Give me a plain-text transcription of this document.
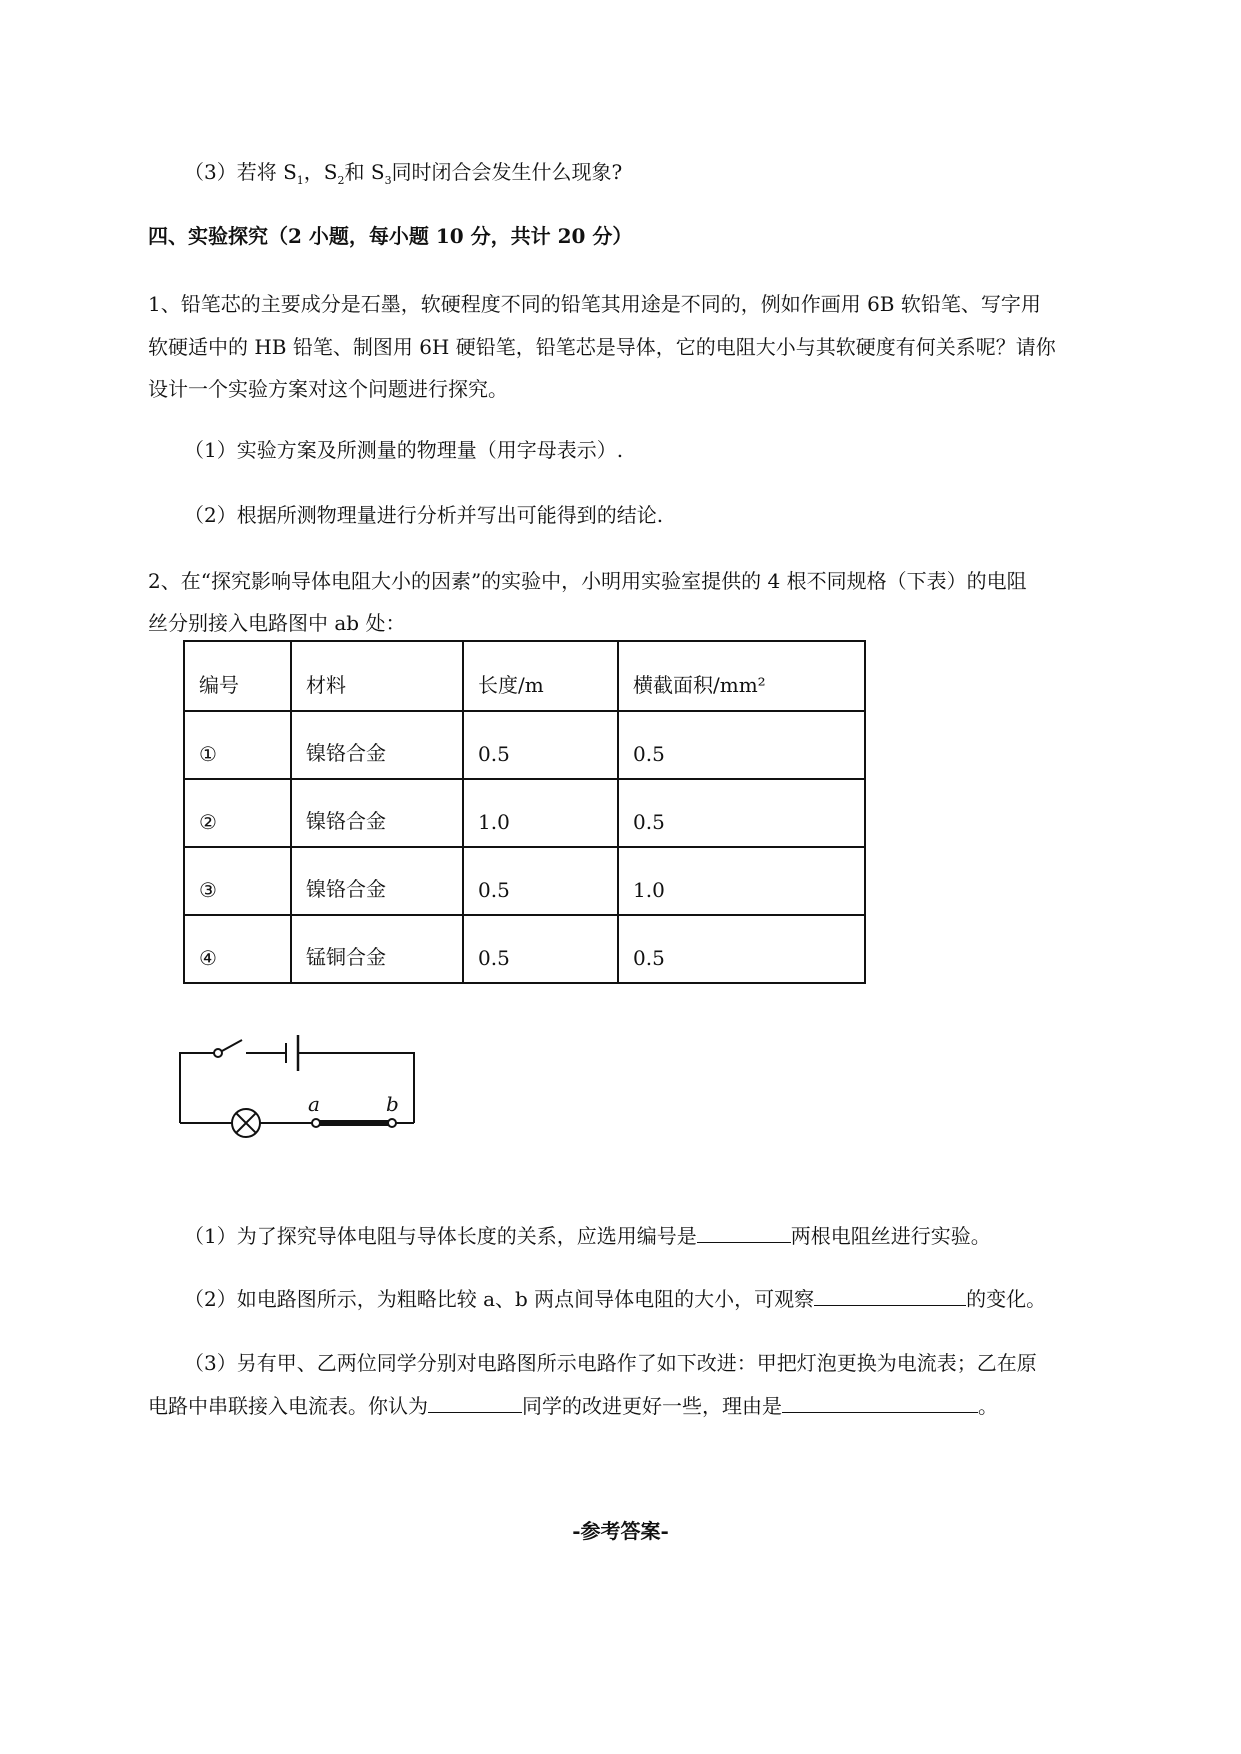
（3）若将 $S_1$，$S_2$和 $S_3$同时闭合会发生什么现象?
四、实验探究（2 小题，每小题 10 分，共计 20 分）
1、铅笔芯的主要成分是石墨，软硬程度不同的铅笔其用途是不同的，例如作画用 6B 软铅笔、写字用
软硬适中的 HB 铅笔、制图用 6H 硬铅笔，铅笔芯是导体，它的电阻大小与其软硬度有何关系呢？请你
设计一个实验方案对这个问题进行探究。
（1）实验方案及所测量的物理量（用字母表示）.
（2）根据所测物理量进行分析并写出可能得到的结论.
2、在“探究影响导体电阻大小的因素”的实验中，小明用实验室提供的 4 根不同规格（下表）的电阻
丝分别接入电路图中 ab 处：
编号	材料	长度/m	横截面积/mm²
①	镍铬合金	0.5	0.5
②	镍铬合金	1.0	0.5
③	镍铬合金	0.5	1.0
④	锰铜合金	0.5	0.5
a	b
（1）为了探究导体电阻与导体长度的关系，应选用编号是	两根电阻丝进行实验。
（2）如电路图所示，为粗略比较 a、b 两点间导体电阻的大小，可观察	的变化。
（3）另有甲、乙两位同学分别对电路图所示电路作了如下改进：甲把灯泡更换为电流表；乙在原
电路中串联接入电流表。你认为	同学的改进更好一些，理由是	。
-参考答案-
